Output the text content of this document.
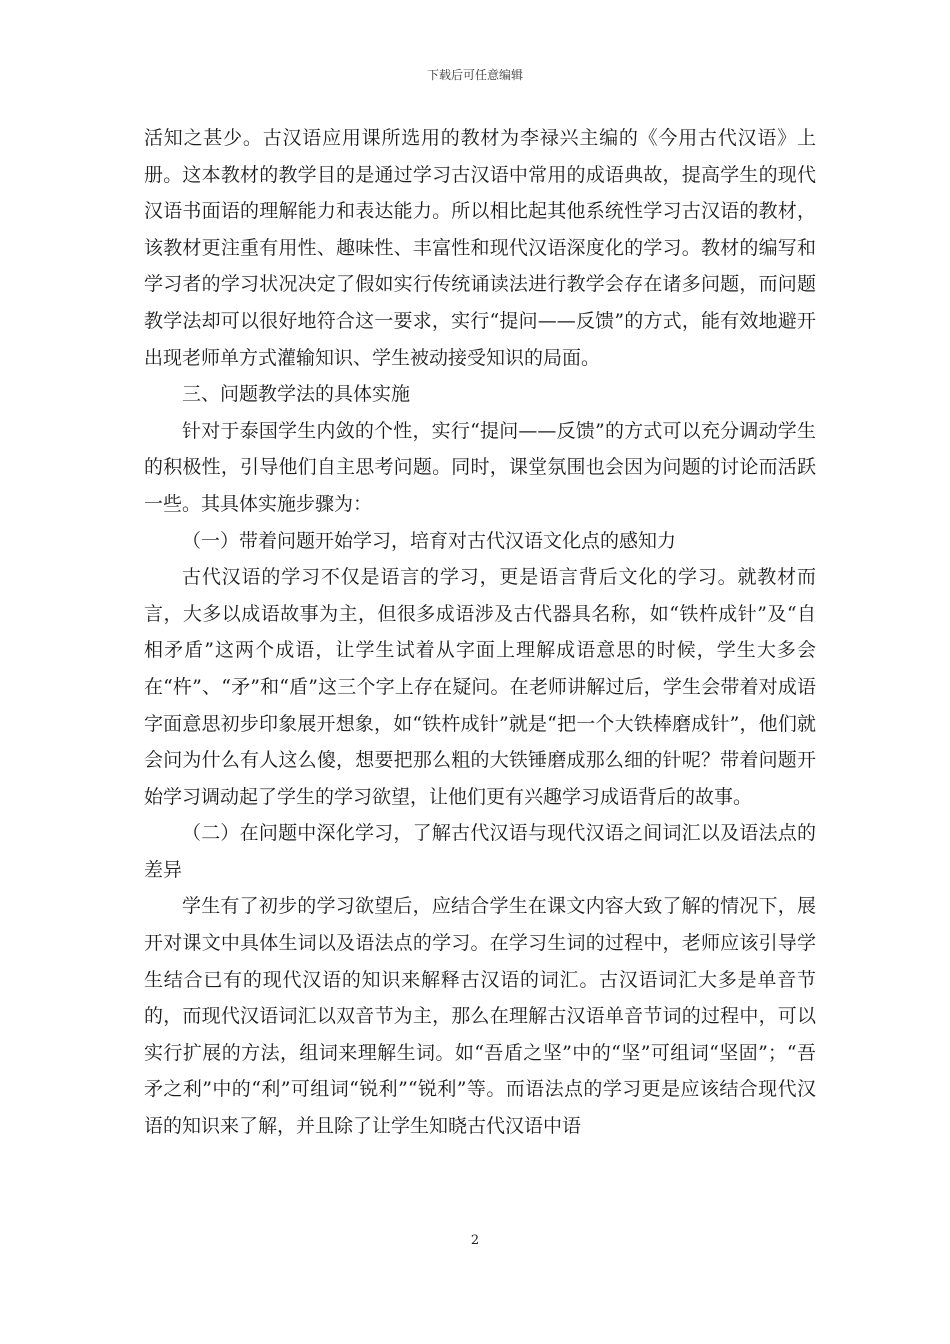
下载后可任意编辑

活知之甚少。古汉语应用课所选用的教材为李禄兴主编的《今用古代汉语》上册。这本教材的教学目的是通过学习古汉语中常用的成语典故，提高学生的现代汉语书面语的理解能力和表达能力。所以相比起其他系统性学习古汉语的教材，该教材更注重有用性、趣味性、丰富性和现代汉语深度化的学习。教材的编写和学习者的学习状况决定了假如实行传统诵读法进行教学会存在诸多问题，而问题教学法却可以很好地符合这一要求，实行“提问——反馈”的方式，能有效地避开出现老师单方式灌输知识、学生被动接受知识的局面。

三、问题教学法的具体实施

针对于泰国学生内敛的个性，实行“提问——反馈”的方式可以充分调动学生的积极性，引导他们自主思考问题。同时，课堂氛围也会因为问题的讨论而活跃一些。其具体实施步骤为：

（一）带着问题开始学习，培育对古代汉语文化点的感知力

古代汉语的学习不仅是语言的学习，更是语言背后文化的学习。就教材而言，大多以成语故事为主，但很多成语涉及古代器具名称，如“铁杵成针”及“自相矛盾”这两个成语，让学生试着从字面上理解成语意思的时候，学生大多会在“杵”、“矛”和“盾”这三个字上存在疑问。在老师讲解过后，学生会带着对成语字面意思初步印象展开想象，如“铁杵成针”就是“把一个大铁棒磨成针”，他们就会问为什么有人这么傻，想要把那么粗的大铁锤磨成那么细的针呢？带着问题开始学习调动起了学生的学习欲望，让他们更有兴趣学习成语背后的故事。

（二）在问题中深化学习，了解古代汉语与现代汉语之间词汇以及语法点的差异

学生有了初步的学习欲望后，应结合学生在课文内容大致了解的情况下，展开对课文中具体生词以及语法点的学习。在学习生词的过程中，老师应该引导学生结合已有的现代汉语的知识来解释古汉语的词汇。古汉语词汇大多是单音节的，而现代汉语词汇以双音节为主，那么在理解古汉语单音节词的过程中，可以实行扩展的方法，组词来理解生词。如“吾盾之坚”中的“坚”可组词“坚固”；“吾矛之利”中的“利”可组词“锐利”“锐利”等。而语法点的学习更是应该结合现代汉语的知识来了解，并且除了让学生知晓古代汉语中语

2
